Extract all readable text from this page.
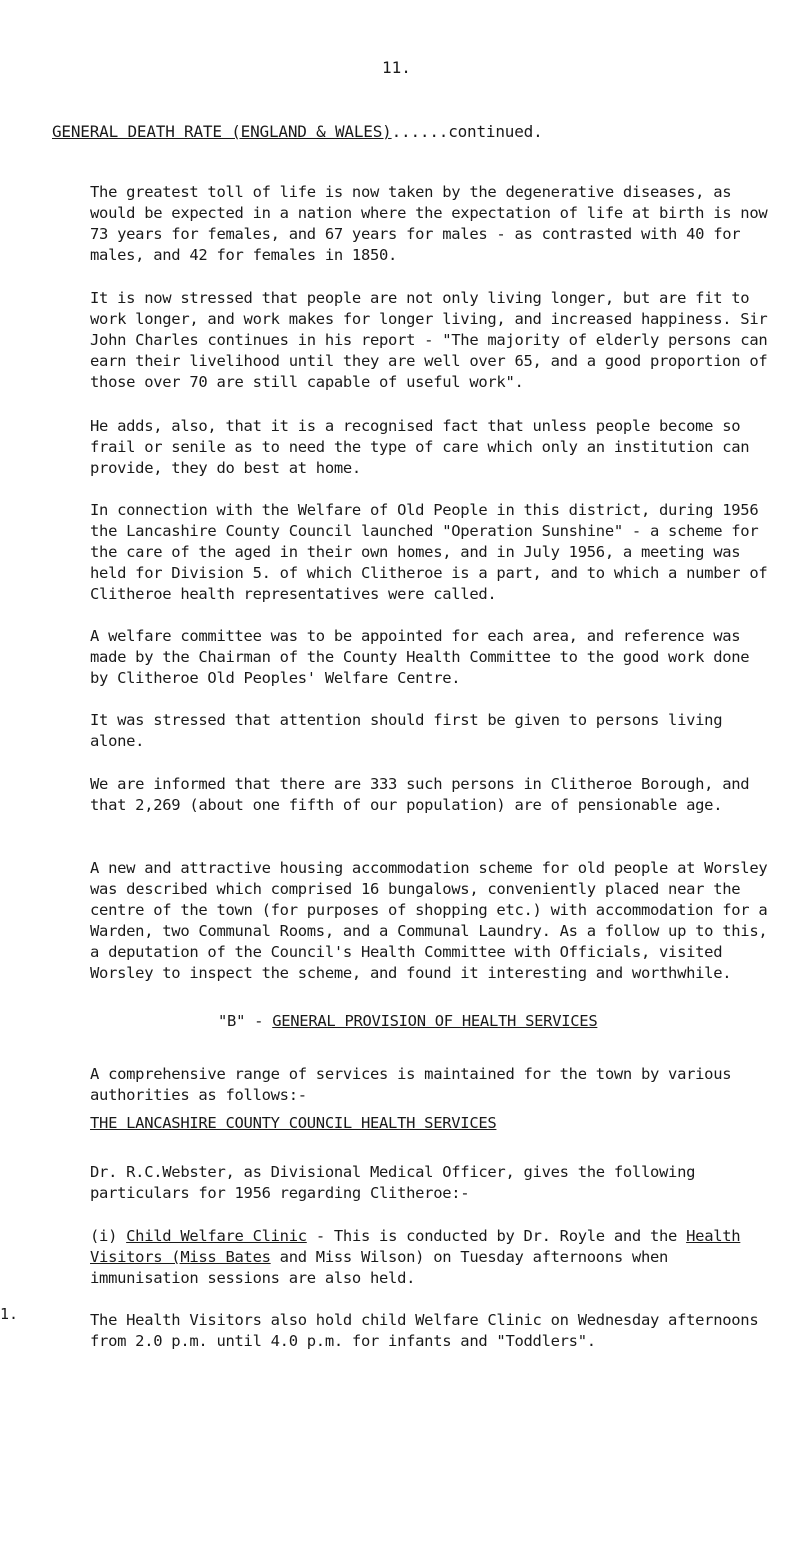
11.
GENERAL DEATH RATE (ENGLAND & WALES)......continued.

The greatest toll of life is now taken by the degenerative diseases, as would be expected in a nation where the expectation of life at birth is now 73 years for females, and 67 years for males - as contrasted with 40 for males, and 42 for females in 1850.

It is now stressed that people are not only living longer, but are fit to work longer, and work makes for longer living, and increased happiness. Sir John Charles continues in his report - "The majority of elderly persons can earn their livelihood until they are well over 65, and a good proportion of those over 70 are still capable of useful work".

He adds, also, that it is a recognised fact that unless people become so frail or senile as to need the type of care which only an institution can provide, they do best at home.

In connection with the Welfare of Old People in this district, during 1956 the Lancashire County Council launched "Operation Sunshine" - a scheme for the care of the aged in their own homes, and in July 1956, a meeting was held for Division 5. of which Clitheroe is a part, and to which a number of Clitheroe health representatives were called.

A welfare committee was to be appointed for each area, and reference was made by the Chairman of the County Health Committee to the good work done by Clitheroe Old Peoples' Welfare Centre.

It was stressed that attention should first be given to persons living alone.

We are informed that there are 333 such persons in Clitheroe Borough, and that 2,269 (about one fifth of our population) are of pensionable age.

A new and attractive housing accommodation scheme for old people at Worsley was described which comprised 16 bungalows, conveniently placed near the centre of the town (for purposes of shopping etc.) with accommodation for a Warden, two Communal Rooms, and a Communal Laundry. As a follow up to this, a deputation of the Council's Health Committee with Officials, visited Worsley to inspect the scheme, and found it interesting and worthwhile.

"B" - GENERAL PROVISION OF HEALTH SERVICES

A comprehensive range of services is maintained for the town by various authorities as follows:-

1.
THE LANCASHIRE COUNTY COUNCIL HEALTH SERVICES

Dr. R.C.Webster, as Divisional Medical Officer, gives the following particulars for 1956 regarding Clitheroe:-

(i) Child Welfare Clinic - This is conducted by Dr. Royle and the Health Visitors (Miss Bates and Miss Wilson) on Tuesday afternoons when immunisation sessions are also held.

The Health Visitors also hold child Welfare Clinic on Wednesday afternoons from 2.0 p.m. until 4.0 p.m. for infants and "Toddlers".
